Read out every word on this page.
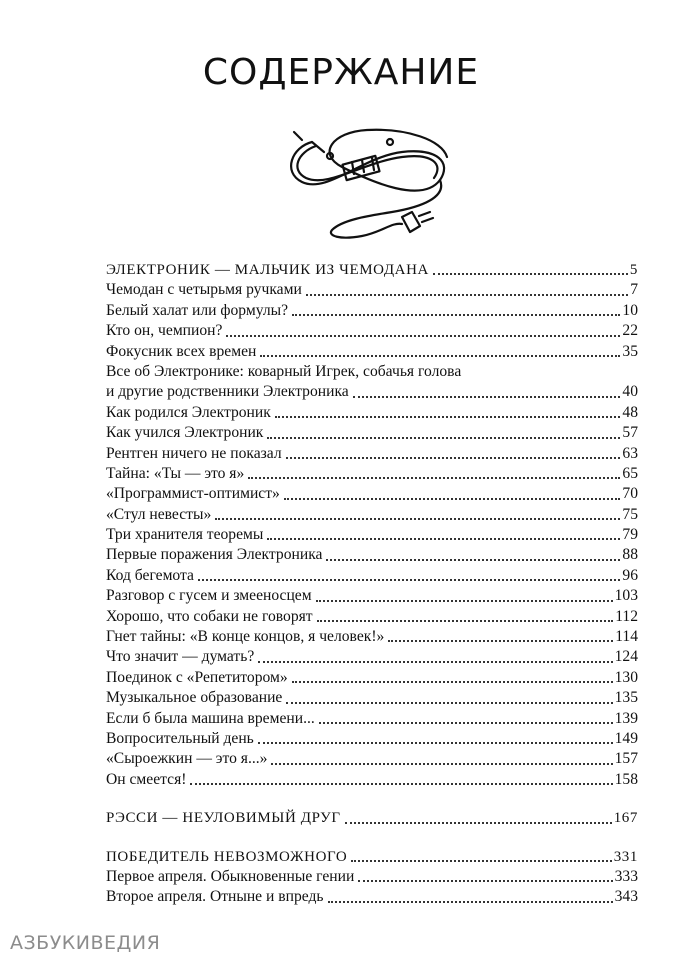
СОДЕРЖАНИЕ
ЭЛЕКТРОНИК — МАЛЬЧИК ИЗ ЧЕМОДАНА	5
Чемодан с четырьмя ручками	7
Белый халат или формулы?	10
Кто он, чемпион?	22
Фокусник всех времен	35
Все об Электронике: коварный Игрек, собачья голова
и другие родственники Электроника	40
Как родился Электроник	48
Как учился Электроник	57
Рентген ничего не показал	63
Тайна: «Ты — это я»	65
«Программист-оптимист»	70
«Стул невесты»	75
Три хранителя теоремы	79
Первые поражения Электроника	88
Код бегемота	96
Разговор с гусем и змееносцем	103
Хорошо, что собаки не говорят	112
Гнет тайны: «В конце концов, я человек!»	114
Что значит — думать?	124
Поединок с «Репетитором»	130
Музыкальное образование	135
Если б была машина времени...	139
Вопросительный день	149
«Сыроежкин — это я...»	157
Он смеется!	158
РЭССИ — НЕУЛОВИМЫЙ ДРУГ	167
ПОБЕДИТЕЛЬ НЕВОЗМОЖНОГО	331
Первое апреля. Обыкновенные гении	333
Второе апреля. Отныне и впредь	343
АЗБУКИВЕДИЯ
